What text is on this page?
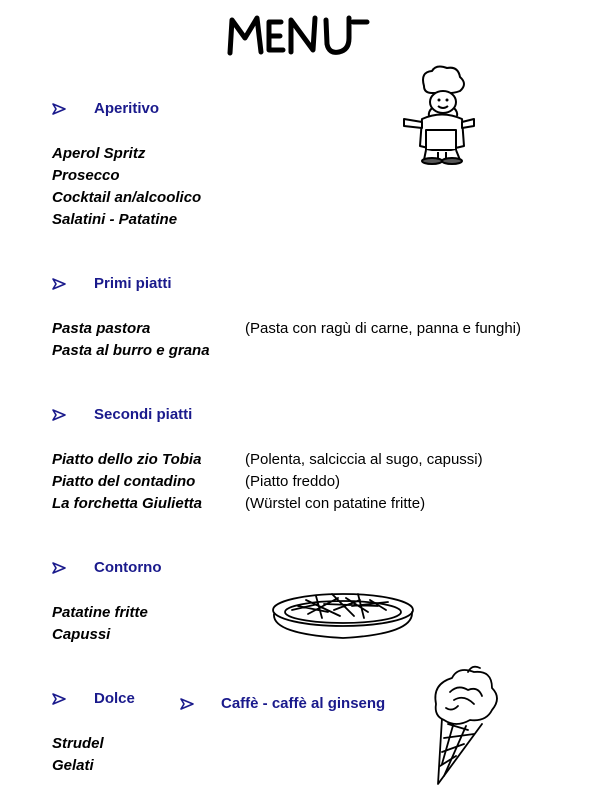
Aperitivo
Aperol Spritz
Prosecco
Cocktail an/alcoolico
Salatini - Patatine
Primi piatti
Pasta pastora	(Pasta con ragù di carne, panna e funghi)
Pasta al burro e grana
Secondi piatti
Piatto dello zio Tobia	(Polenta, salciccia al sugo, capussi)
Piatto del contadino	(Piatto freddo)
La forchetta Giulietta	(Würstel con patatine fritte)
Contorno
Patatine fritte
Capussi
Dolce
Strudel
Gelati
Caffè - caffè al ginseng
